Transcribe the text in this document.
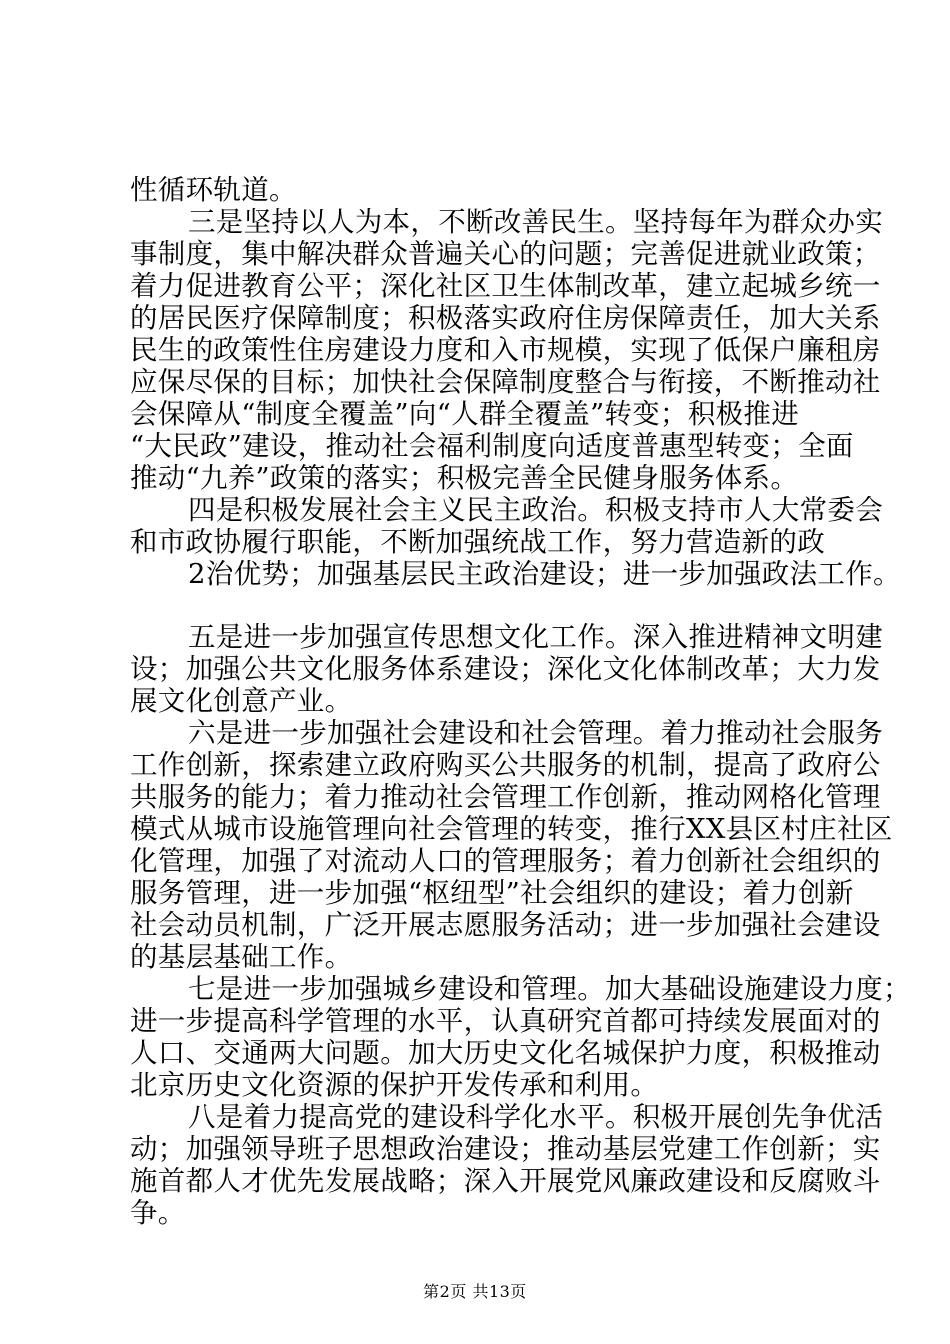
性循环轨道。
三是坚持以人为本，不断改善民生。坚持每年为群众办实
事制度，集中解决群众普遍关心的问题；完善促进就业政策；
着力促进教育公平；深化社区卫生体制改革，建立起城乡统一
的居民医疗保障制度；积极落实政府住房保障责任，加大关系
民生的政策性住房建设力度和入市规模，实现了低保户廉租房
应保尽保的目标；加快社会保障制度整合与衔接，不断推动社
会保障从“制度全覆盖”向“人群全覆盖”转变；积极推进
“大民政”建设，推动社会福利制度向适度普惠型转变；全面
推动“九养”政策的落实；积极完善全民健身服务体系。
四是积极发展社会主义民主政治。积极支持市人大常委会
和市政协履行职能，不断加强统战工作，努力营造新的政
2治优势；加强基层民主政治建设；进一步加强政法工作。
五是进一步加强宣传思想文化工作。深入推进精神文明建
设；加强公共文化服务体系建设；深化文化体制改革；大力发
展文化创意产业。
六是进一步加强社会建设和社会管理。着力推动社会服务
工作创新，探索建立政府购买公共服务的机制，提高了政府公
共服务的能力；着力推动社会管理工作创新，推动网格化管理
模式从城市设施管理向社会管理的转变，推行XX县区村庄社区
化管理，加强了对流动人口的管理服务；着力创新社会组织的
服务管理，进一步加强“枢纽型”社会组织的建设；着力创新
社会动员机制，广泛开展志愿服务活动；进一步加强社会建设
的基层基础工作。
七是进一步加强城乡建设和管理。加大基础设施建设力度；
进一步提高科学管理的水平，认真研究首都可持续发展面对的
人口、交通两大问题。加大历史文化名城保护力度，积极推动
北京历史文化资源的保护开发传承和利用。
八是着力提高党的建设科学化水平。积极开展创先争优活
动；加强领导班子思想政治建设；推动基层党建工作创新；实
施首都人才优先发展战略；深入开展党风廉政建设和反腐败斗
争。
第2页 共13页
